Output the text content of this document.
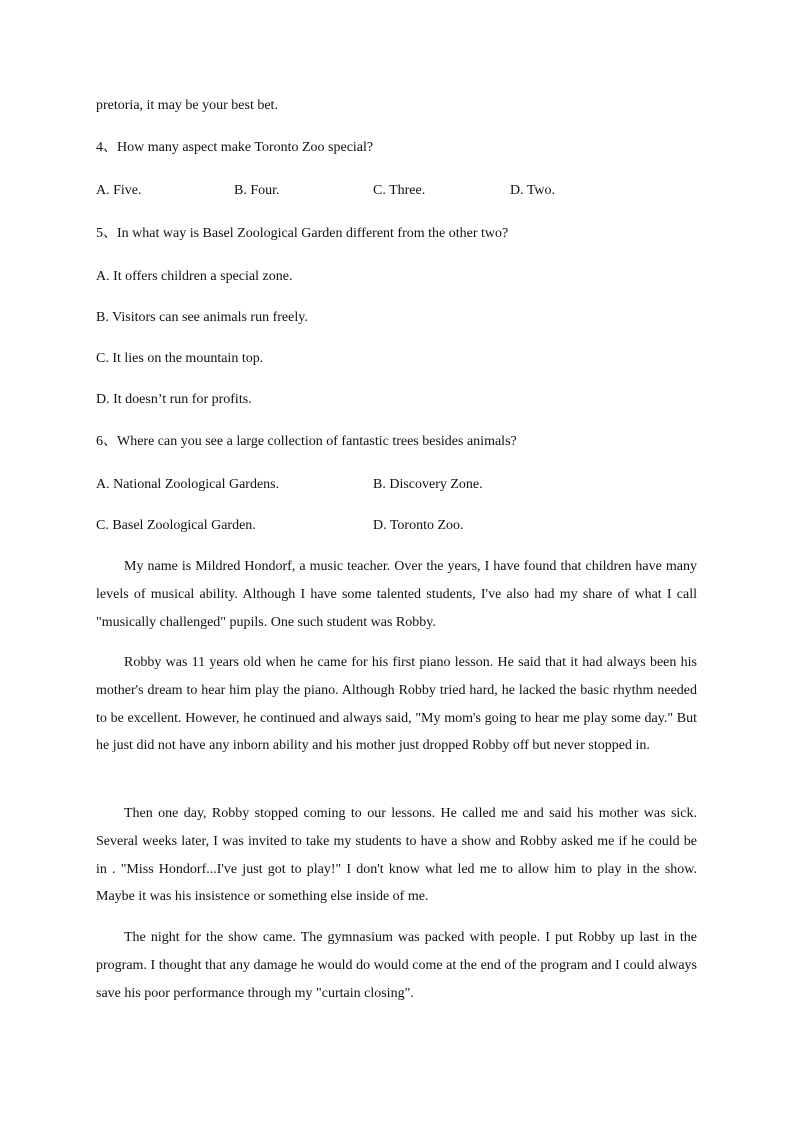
pretoria, it may be your best bet.
4、How many aspect make Toronto Zoo special?
A. Five.	B. Four.	C. Three.	D. Two.
5、In what way is Basel Zoological Garden different from the other two?
A. It offers children a special zone.
B. Visitors can see animals run freely.
C. It lies on the mountain top.
D. It doesn’t run for profits.
6、Where can you see a large collection of fantastic trees besides animals?
A. National Zoological Gardens.	B. Discovery Zone.
C. Basel Zoological Garden.	D. Toronto Zoo.

My name is Mildred Hondorf, a music teacher. Over the years, I have found that children have many levels of musical ability. Although I have some talented students, I've also had my share of what I call "musically challenged" pupils. One such student was Robby.

Robby was 11 years old when he came for his first piano lesson. He said that it had always been his mother's dream to hear him play the piano. Although Robby tried hard, he lacked the basic rhythm needed to be excellent. However, he continued and always said, "My mom's going to hear me play some day." But he just did not have any inborn ability and his mother just dropped Robby off but never stopped in.

Then one day, Robby stopped coming to our lessons. He called me and said his mother was sick. Several weeks later, I was invited to take my students to have a show and Robby asked me if he could be in . "Miss Hondorf...I've just got to play!" I don't know what led me to allow him to play in the show. Maybe it was his insistence or something else inside of me.

The night for the show came. The gymnasium was packed with people. I put Robby up last in the program. I thought that any damage he would do would come at the end of the program and I could always save his poor performance through my "curtain closing".
